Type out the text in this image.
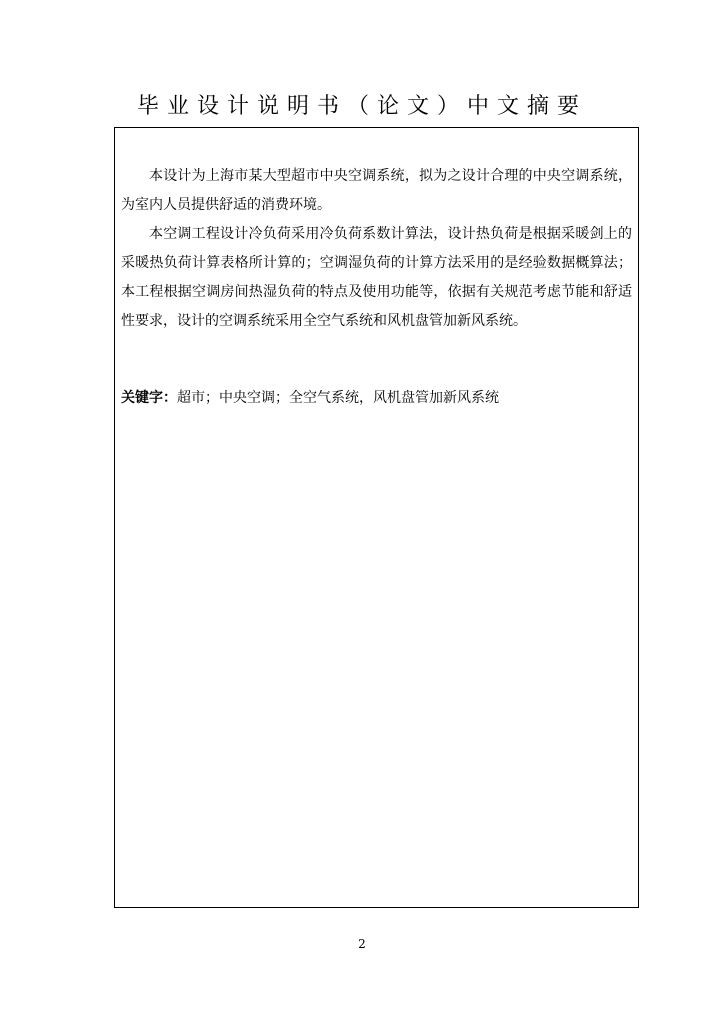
毕业设计说明书（论文）中文摘要

本设计为上海市某大型超市中央空调系统，拟为之设计合理的中央空调系统，为室内人员提供舒适的消费环境。

本空调工程设计冷负荷采用冷负荷系数计算法，设计热负荷是根据采暖剑上的采暖热负荷计算表格所计算的；空调湿负荷的计算方法采用的是经验数据概算法；本工程根据空调房间热湿负荷的特点及使用功能等，依据有关规范考虑节能和舒适性要求，设计的空调系统采用全空气系统和风机盘管加新风系统。

关键字：超市；中央空调；全空气系统，风机盘管加新风系统
2
